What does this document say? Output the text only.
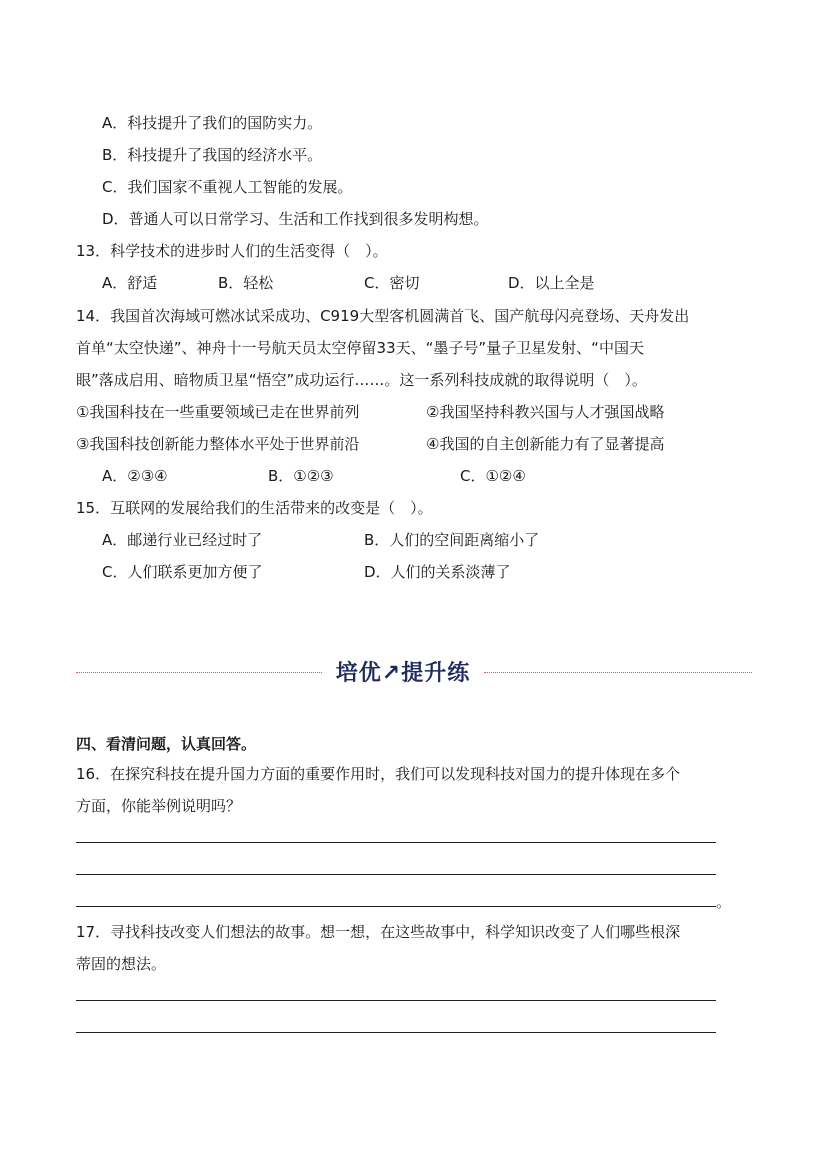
A．科技提升了我们的国防实力。
B．科技提升了我国的经济水平。
C．我们国家不重视人工智能的发展。
D．普通人可以日常学习、生活和工作找到很多发明构想。
13．科学技术的进步时人们的生活变得（　）。
A．舒适	B．轻松	C．密切	D．以上全是
14．我国首次海域可燃冰试采成功、C919大型客机圆满首飞、国产航母闪亮登场、天舟发出
首单“太空快递”、神舟十一号航天员太空停留33天、“墨子号”量子卫星发射、“中国天
眼”落成启用、暗物质卫星“悟空”成功运行……。这一系列科技成就的取得说明（　）。
①我国科技在一些重要领域已走在世界前列	②我国坚持科教兴国与人才强国战略
③我国科技创新能力整体水平处于世界前沿	④我国的自主创新能力有了显著提高
A．②③④	B．①②③	C．①②④
15．互联网的发展给我们的生活带来的改变是（　）。
A．邮递行业已经过时了	B．人们的空间距离缩小了
C．人们联系更加方便了	D．人们的关系淡薄了
培优↗提升练
四、看清问题，认真回答。
16．在探究科技在提升国力方面的重要作用时，我们可以发现科技对国力的提升体现在多个
方面，你能举例说明吗？
。
17．寻找科技改变人们想法的故事。想一想，在这些故事中，科学知识改变了人们哪些根深
蒂固的想法。
